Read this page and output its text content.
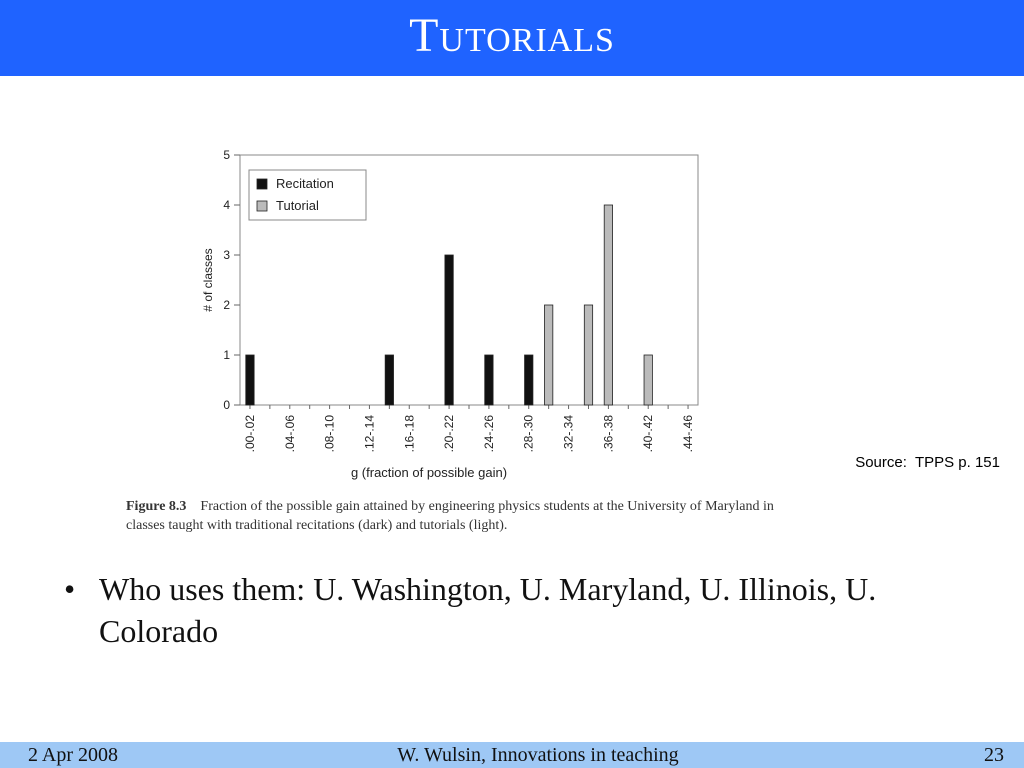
Tutorials
0
1
2
3
4
5
# of classes
.00-.02 .04-.06 .08-.10 .12-.14 .16-.18 .20-.22 .24-.26 .28-.30 .32-.34 .36-.38 .40-.42 .44-.46
g (fraction of possible gain)
Recitation
Tutorial
Source:  TPPS p. 151
Figure 8.3 Fraction of the possible gain attained by engineering physics students at the University of Maryland in classes taught with traditional recitations (dark) and tutorials (light).
• Who uses them: U. Washington, U. Maryland, U. Illinois, U. Colorado
2 Apr 2008	W. Wulsin, Innovations in teaching	23
